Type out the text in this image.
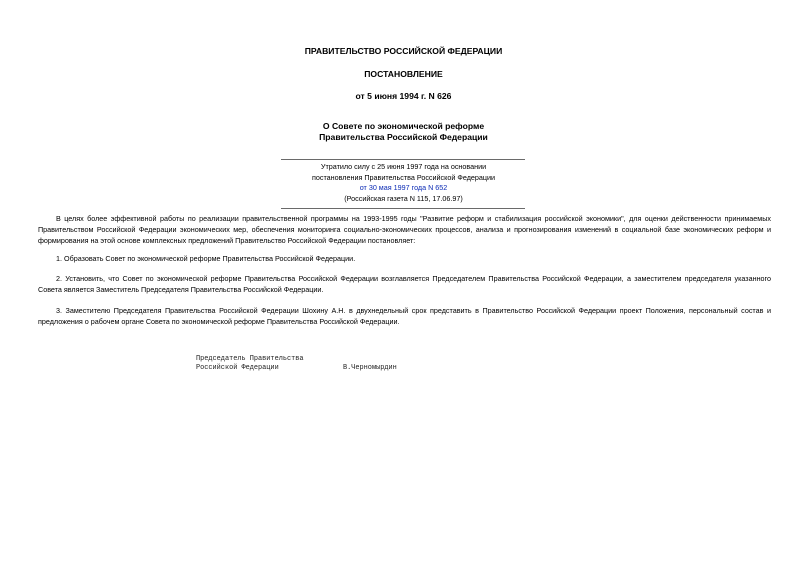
ПРАВИТЕЛЬСТВО РОССИЙСКОЙ ФЕДЕРАЦИИ
ПОСТАНОВЛЕНИЕ
от 5 июня 1994 г. N 626
О Совете по экономической реформе
Правительства Российской Федерации
Утратило силу с 25 июня 1997 года на основании
постановления Правительства Российской Федерации
от 30 мая 1997 года N 652
(Российская газета N 115, 17.06.97)
В целях более эффективной работы по реализации правительственной программы на 1993-1995 годы "Развитие реформ и стабилизация российской экономики", для оценки действенности принимаемых Правительством Российской Федерации экономических мер, обеспечения мониторинга социально-экономических процессов, анализа и прогнозирования изменений в социальной базе экономических реформ и формирования на этой основе комплексных предложений Правительство Российской Федерации постановляет:
1. Образовать Совет по экономической реформе Правительства Российской Федерации.
2. Установить, что Совет по экономической реформе Правительства Российской Федерации возглавляется Председателем Правительства Российской Федерации, а заместителем председателя указанного Совета является Заместитель Председателя Правительства Российской Федерации.
3. Заместителю Председателя Правительства Российской Федерации Шохину А.Н. в двухнедельный срок представить в Правительство Российской Федерации проект Положения, персональный состав и предложения о рабочем органе Совета по экономической реформе Правительства Российской Федерации.
Председатель Правительства
Российской Федерации	В.Черномырдин
